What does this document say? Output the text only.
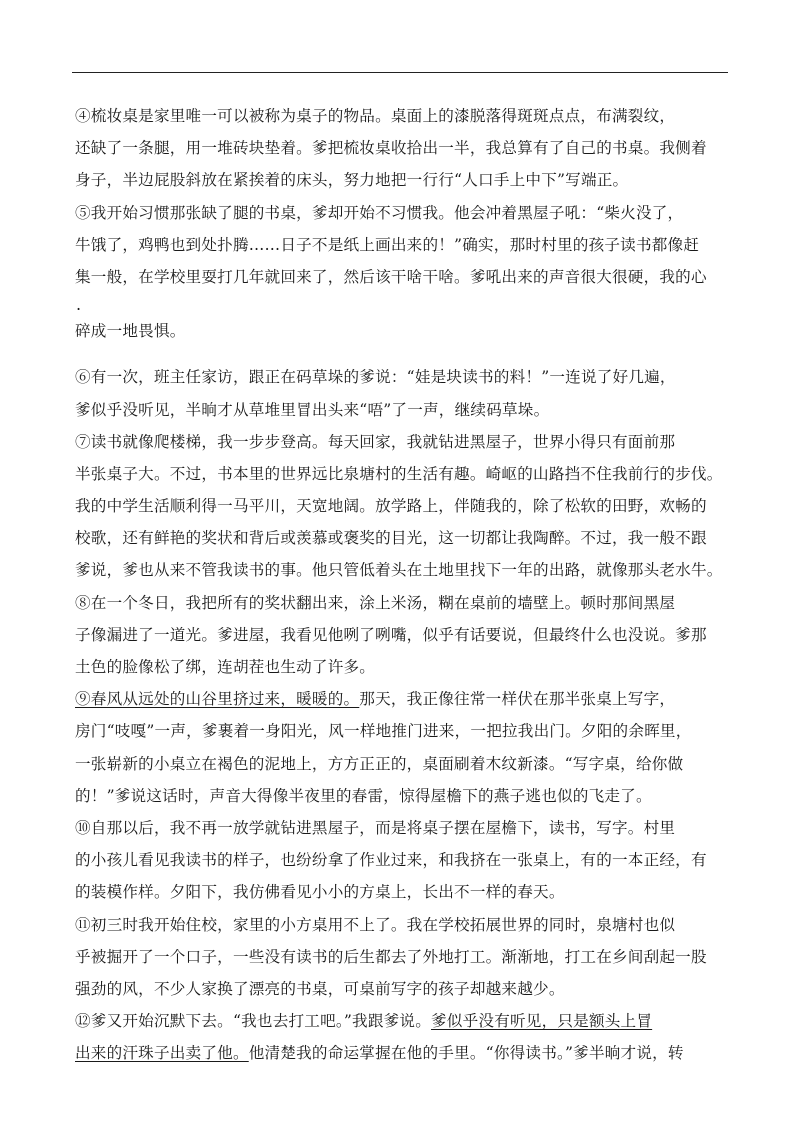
④梳妆桌是家里唯一可以被称为桌子的物品。桌面上的漆脱落得斑斑点点，布满裂纹，
还缺了一条腿，用一堆砖块垫着。爹把梳妆桌收拾出一半，我总算有了自己的书桌。我侧着
身子，半边屁股斜放在紧挨着的床头，努力地把一行行“人口手上中下”写端正。
⑤我开始习惯那张缺了腿的书桌，爹却开始不习惯我。他会冲着黑屋子吼：“柴火没了，
牛饿了，鸡鸭也到处扑腾……日子不是纸上画出来的！”确实，那时村里的孩子读书都像赶
集一般，在学校里耍打几年就回来了，然后该干啥干啥。爹吼出来的声音很大很硬，我的心
.
碎成一地畏惧。
⑥有一次，班主任家访，跟正在码草垛的爹说：“娃是块读书的料！”一连说了好几遍，
爹似乎没听见，半晌才从草堆里冒出头来“唔”了一声，继续码草垛。
⑦读书就像爬楼梯，我一步步登高。每天回家，我就钻进黑屋子，世界小得只有面前那
半张桌子大。不过，书本里的世界远比泉塘村的生活有趣。崎岖的山路挡不住我前行的步伐。
我的中学生活顺利得一马平川，天宽地阔。放学路上，伴随我的，除了松软的田野，欢畅的
校歌，还有鲜艳的奖状和背后或羡慕或褒奖的目光，这一切都让我陶醉。不过，我一般不跟
爹说，爹也从来不管我读书的事。他只管低着头在土地里找下一年的出路，就像那头老水牛。
⑧在一个冬日，我把所有的奖状翻出来，涂上米汤，糊在桌前的墙壁上。顿时那间黑屋
子像漏进了一道光。爹进屋，我看见他咧了咧嘴，似乎有话要说，但最终什么也没说。爹那
土色的脸像松了绑，连胡茬也生动了许多。
⑨春风从远处的山谷里挤过来，暖暖的。那天，我正像往常一样伏在那半张桌上写字，
房门“吱嘎”一声，爹裹着一身阳光，风一样地推门进来，一把拉我出门。夕阳的余晖里，
一张崭新的小桌立在褐色的泥地上，方方正正的，桌面刷着木纹新漆。“写字桌，给你做
的！”爹说这话时，声音大得像半夜里的春雷，惊得屋檐下的燕子逃也似的飞走了。
⑩自那以后，我不再一放学就钻进黑屋子，而是将桌子摆在屋檐下，读书，写字。村里
的小孩儿看见我读书的样子，也纷纷拿了作业过来，和我挤在一张桌上，有的一本正经，有
的装模作样。夕阳下，我仿佛看见小小的方桌上，长出不一样的春天。
⑪初三时我开始住校，家里的小方桌用不上了。我在学校拓展世界的同时，泉塘村也似
乎被掘开了一个口子，一些没有读书的后生都去了外地打工。渐渐地，打工在乡间刮起一股
强劲的风，不少人家换了漂亮的书桌，可桌前写字的孩子却越来越少。
⑫爹又开始沉默下去。“我也去打工吧。”我跟爹说。爹似乎没有听见，只是额头上冒
出来的汗珠子出卖了他。他清楚我的命运掌握在他的手里。“你得读书。”爹半晌才说，转
